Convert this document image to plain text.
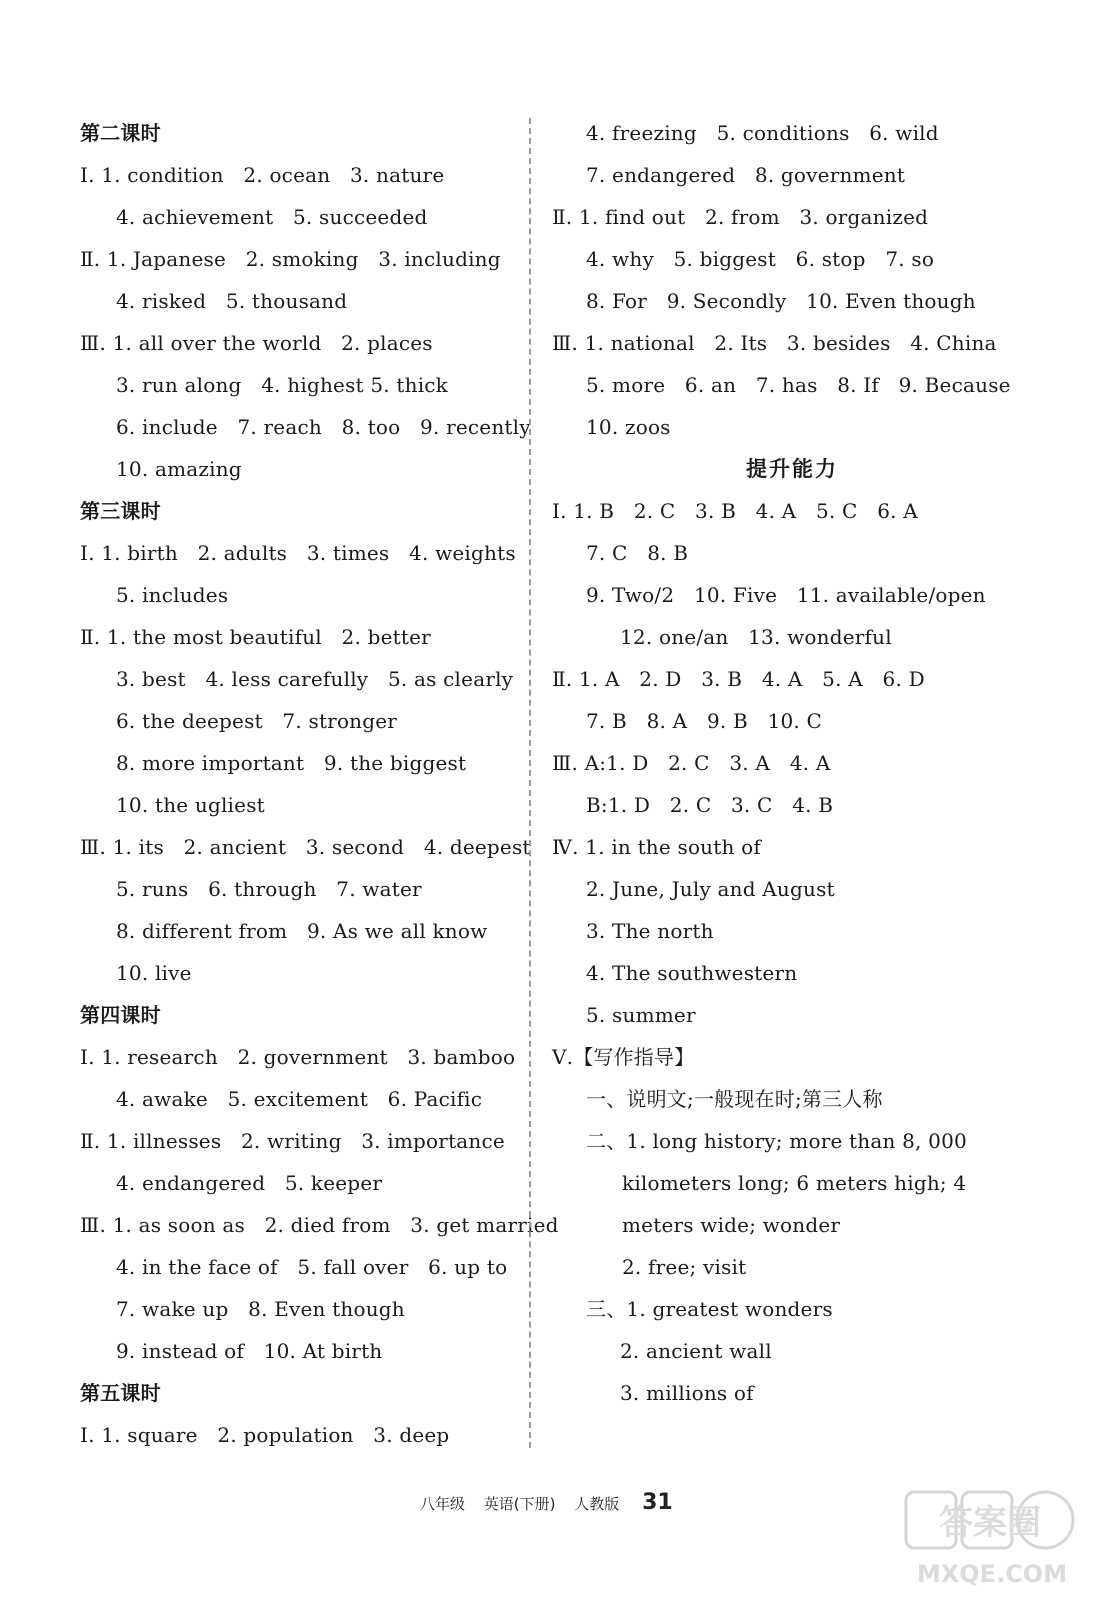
第二课时
Ⅰ. 1. condition   2. ocean   3. nature
4. achievement   5. succeeded
Ⅱ. 1. Japanese   2. smoking   3. including
4. risked   5. thousand
Ⅲ. 1. all over the world   2. places
3. run along   4. highest 5. thick
6. include   7. reach   8. too   9. recently
10. amazing
第三课时
Ⅰ. 1. birth   2. adults   3. times   4. weights
5. includes
Ⅱ. 1. the most beautiful   2. better
3. best   4. less carefully   5. as clearly
6. the deepest   7. stronger
8. more important   9. the biggest
10. the ugliest
Ⅲ. 1. its   2. ancient   3. second   4. deepest
5. runs   6. through   7. water
8. different from   9. As we all know
10. live
第四课时
Ⅰ. 1. research   2. government   3. bamboo
4. awake   5. excitement   6. Pacific
Ⅱ. 1. illnesses   2. writing   3. importance
4. endangered   5. keeper
Ⅲ. 1. as soon as   2. died from   3. get married
4. in the face of   5. fall over   6. up to
7. wake up   8. Even though
9. instead of   10. At birth
第五课时
Ⅰ. 1. square   2. population   3. deep
4. freezing   5. conditions   6. wild
7. endangered   8. government
Ⅱ. 1. find out   2. from   3. organized
4. why   5. biggest   6. stop   7. so
8. For   9. Secondly   10. Even though
Ⅲ. 1. national   2. Its   3. besides   4. China
5. more   6. an   7. has   8. If   9. Because
10. zoos
提升能力
Ⅰ. 1. B   2. C   3. B   4. A   5. C   6. A
7. C   8. B
9. Two/2   10. Five   11. available/open
12. one/an   13. wonderful
Ⅱ. 1. A   2. D   3. B   4. A   5. A   6. D
7. B   8. A   9. B   10. C
Ⅲ. A:1. D   2. C   3. A   4. A
B:1. D   2. C   3. C   4. B
Ⅳ. 1. in the south of
2. June, July and August
3. The north
4. The southwestern
5. summer
Ⅴ.【写作指导】
一、说明文;一般现在时;第三人称
二、1. long history; more than 8, 000
kilometers long; 6 meters high; 4
meters wide; wonder
2. free; visit
三、1. greatest wonders
2. ancient wall
3. millions of
八年级 英语(下册) 人教版 31
答案圈
MXQE.COM
